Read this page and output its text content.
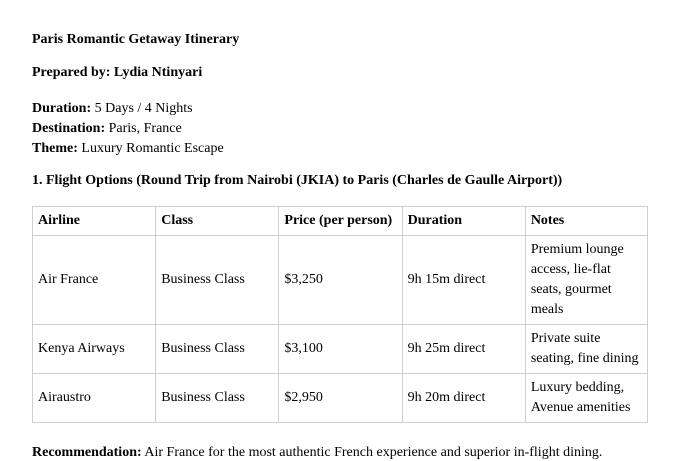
Paris Romantic Getaway Itinerary
Prepared by: Lydia Ntinyari
Duration: 5 Days / 4 Nights
Destination: Paris, France
Theme: Luxury Romantic Escape
1. Flight Options (Round Trip from Nairobi (JKIA) to Paris (Charles de Gaulle Airport))
Airline	Class	Price (per person)	Duration	Notes
Air France	Business Class	$3,250	9h 15m direct	Premium lounge access, lie-flat seats, gourmet meals
Kenya Airways	Business Class	$3,100	9h 25m direct	Private suite seating, fine dining
Airaustro	Business Class	$2,950	9h 20m direct	Luxury bedding, Avenue amenities
Recommendation: Air France for the most authentic French experience and superior in-flight dining.
